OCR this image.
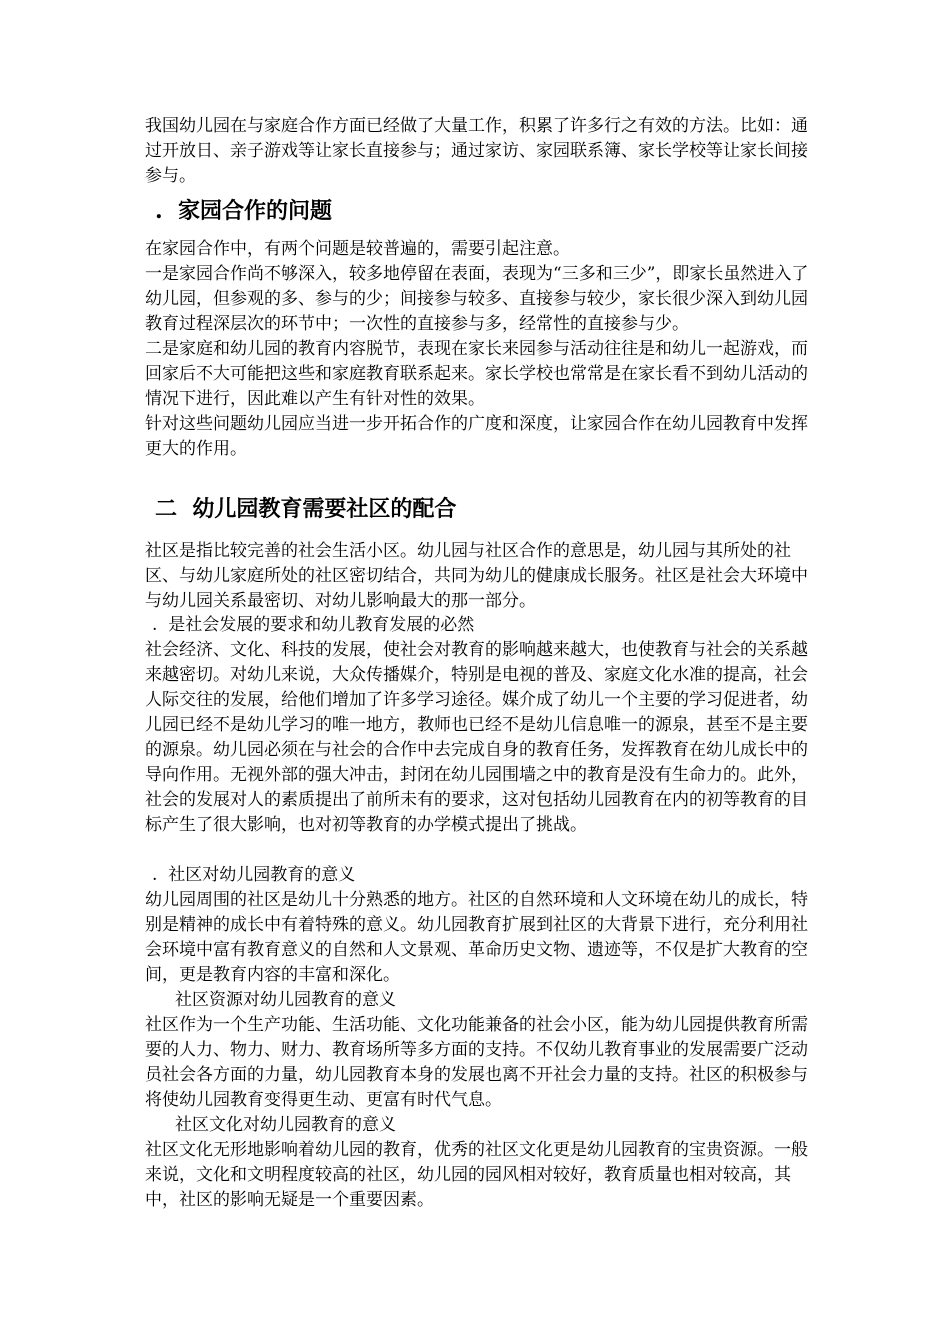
我国幼儿园在与家庭合作方面已经做了大量工作，积累了许多行之有效的方法。比如：通过开放日、亲子游戏等让家长直接参与；通过家访、家园联系簿、家长学校等让家长间接参与。

.  家园合作的问题

在家园合作中，有两个问题是较普遍的，需要引起注意。

一是家园合作尚不够深入，较多地停留在表面，表现为“三多和三少”，即家长虽然进入了幼儿园，但参观的多、参与的少；间接参与较多、直接参与较少，家长很少深入到幼儿园教育过程深层次的环节中；一次性的直接参与多，经常性的直接参与少。

二是家庭和幼儿园的教育内容脱节，表现在家长来园参与活动往往是和幼儿一起游戏，而回家后不大可能把这些和家庭教育联系起来。家长学校也常常是在家长看不到幼儿活动的情况下进行，因此难以产生有针对性的效果。

针对这些问题幼儿园应当进一步开拓合作的广度和深度，让家园合作在幼儿园教育中发挥更大的作用。

二  幼儿园教育需要社区的配合

社区是指比较完善的社会生活小区。幼儿园与社区合作的意思是，幼儿园与其所处的社区、与幼儿家庭所处的社区密切结合，共同为幼儿的健康成长服务。社区是社会大环境中与幼儿园关系最密切、对幼儿影响最大的那一部分。

.  是社会发展的要求和幼儿教育发展的必然

社会经济、文化、科技的发展，使社会对教育的影响越来越大，也使教育与社会的关系越来越密切。对幼儿来说，大众传播媒介，特别是电视的普及、家庭文化水准的提高，社会人际交往的发展，给他们增加了许多学习途径。媒介成了幼儿一个主要的学习促进者，幼儿园已经不是幼儿学习的唯一地方，教师也已经不是幼儿信息唯一的源泉，甚至不是主要的源泉。幼儿园必须在与社会的合作中去完成自身的教育任务，发挥教育在幼儿成长中的导向作用。无视外部的强大冲击，封闭在幼儿园围墙之中的教育是没有生命力的。此外，社会的发展对人的素质提出了前所未有的要求，这对包括幼儿园教育在内的初等教育的目标产生了很大影响，也对初等教育的办学模式提出了挑战。

.  社区对幼儿园教育的意义

幼儿园周围的社区是幼儿十分熟悉的地方。社区的自然环境和人文环境在幼儿的成长，特别是精神的成长中有着特殊的意义。幼儿园教育扩展到社区的大背景下进行，充分利用社会环境中富有教育意义的自然和人文景观、革命历史文物、遗迹等，不仅是扩大教育的空间，更是教育内容的丰富和深化。

社区资源对幼儿园教育的意义

社区作为一个生产功能、生活功能、文化功能兼备的社会小区，能为幼儿园提供教育所需要的人力、物力、财力、教育场所等多方面的支持。不仅幼儿教育事业的发展需要广泛动员社会各方面的力量，幼儿园教育本身的发展也离不开社会力量的支持。社区的积极参与将使幼儿园教育变得更生动、更富有时代气息。

社区文化对幼儿园教育的意义

社区文化无形地影响着幼儿园的教育，优秀的社区文化更是幼儿园教育的宝贵资源。一般来说，文化和文明程度较高的社区，幼儿园的园风相对较好，教育质量也相对较高，其中，社区的影响无疑是一个重要因素。
